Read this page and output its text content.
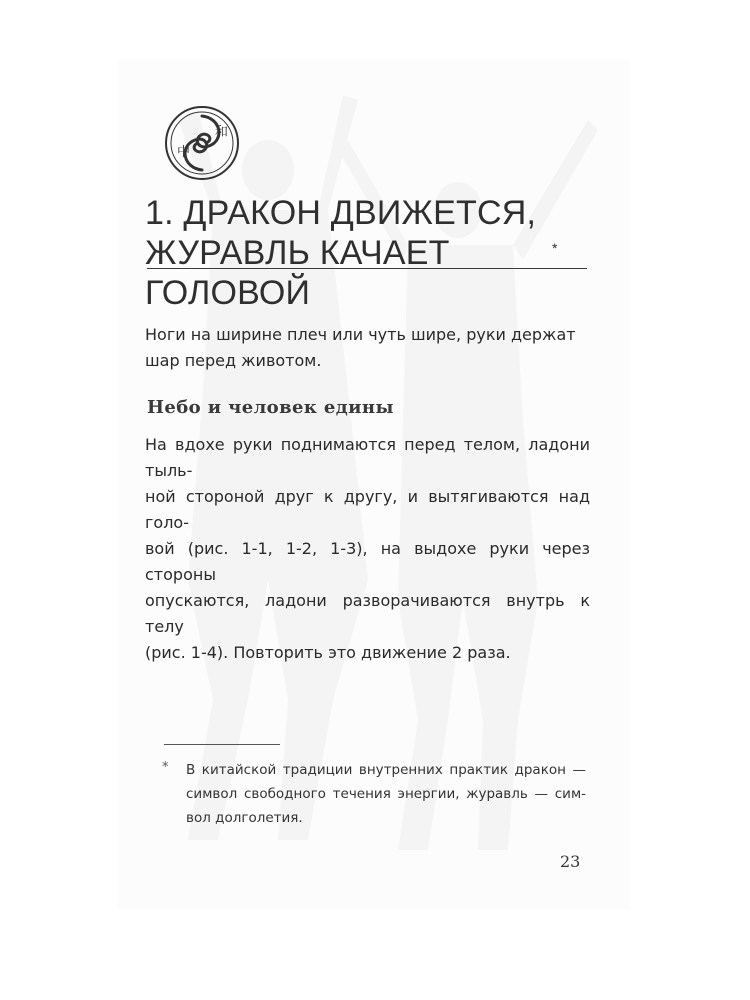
中
和
1. ДРАКОН ДВИЖЕТСЯ,
ЖУРАВЛЬ КАЧАЕТ ГОЛОВОЙ
*

Ноги на ширине плеч или чуть шире, руки держат шар перед животом.

Небо и человек едины

На вдохе руки поднимаются перед телом, ладони тыль-
ной стороной друг к другу, и вытягиваются над голо-
вой (рис. 1-1, 1-2, 1-3), на выдохе руки через стороны
опускаются, ладони разворачиваются внутрь к телу
(рис. 1-4). Повторить это движение 2 раза.

* В китайской традиции внутренних практик дракон —
символ свободного течения энергии, журавль — сим-
вол долголетия.

23
